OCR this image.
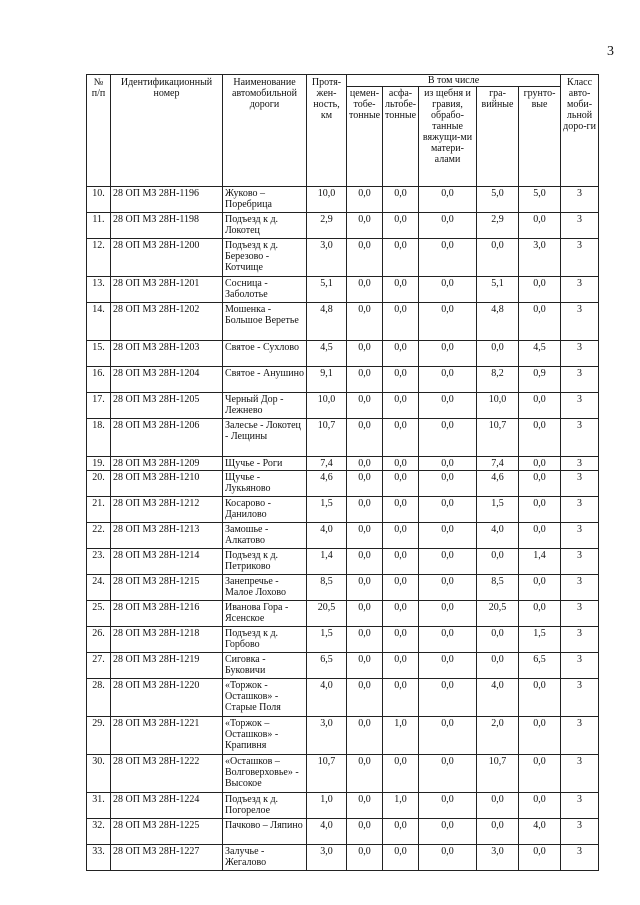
3
№ п/п	Идентификационный номер	Наименование автомобильной дороги	Протя-жен-ность, км	В том числе					Класс авто-моби-льной доро-ги
				цемен-тобе-тонные	асфа-льтобе-тонные	из щебня и гравия, обрабо-танные вяжущи-ми матери-алами	гра-вийные	грунто-вые	
10.	28 ОП МЗ 28Н-1196	Жуково – Поребрица	10,0	0,0	0,0	0,0	5,0	5,0	3
11.	28 ОП МЗ 28Н-1198	Подъезд к д. Локотец	2,9	0,0	0,0	0,0	2,9	0,0	3
12.	28 ОП МЗ 28Н-1200	Подъезд к д. Березово - Котчище	3,0	0,0	0,0	0,0	0,0	3,0	3
13.	28 ОП МЗ 28Н-1201	Сосница - Заболотье	5,1	0,0	0,0	0,0	5,1	0,0	3
14.	28 ОП МЗ 28Н-1202	Мошенка - Большое Веретье	4,8	0,0	0,0	0,0	4,8	0,0	3
15.	28 ОП МЗ 28Н-1203	Святое - Сухлово	4,5	0,0	0,0	0,0	0,0	4,5	3
16.	28 ОП МЗ 28Н-1204	Святое - Анушино	9,1	0,0	0,0	0,0	8,2	0,9	3
17.	28 ОП МЗ 28Н-1205	Черный Дор - Лежнево	10,0	0,0	0,0	0,0	10,0	0,0	3
18.	28 ОП МЗ 28Н-1206	Залесье - Локотец - Лещины	10,7	0,0	0,0	0,0	10,7	0,0	3
19.	28 ОП МЗ 28Н-1209	Щучье - Роги	7,4	0,0	0,0	0,0	7,4	0,0	3
20.	28 ОП МЗ 28Н-1210	Щучье - Лукьяново	4,6	0,0	0,0	0,0	4,6	0,0	3
21.	28 ОП МЗ 28Н-1212	Косарово - Данилово	1,5	0,0	0,0	0,0	1,5	0,0	3
22.	28 ОП МЗ 28Н-1213	Замошье - Алкатово	4,0	0,0	0,0	0,0	4,0	0,0	3
23.	28 ОП МЗ 28Н-1214	Подъезд к д. Петриково	1,4	0,0	0,0	0,0	0,0	1,4	3
24.	28 ОП МЗ 28Н-1215	Занепречье - Малое Лохово	8,5	0,0	0,0	0,0	8,5	0,0	3
25.	28 ОП МЗ 28Н-1216	Иванова Гора - Ясенское	20,5	0,0	0,0	0,0	20,5	0,0	3
26.	28 ОП МЗ 28Н-1218	Подъезд к д. Горбово	1,5	0,0	0,0	0,0	0,0	1,5	3
27.	28 ОП МЗ 28Н-1219	Сиговка - Буковичи	6,5	0,0	0,0	0,0	0,0	6,5	3
28.	28 ОП МЗ 28Н-1220	«Торжок - Осташков» - Старые Поля	4,0	0,0	0,0	0,0	4,0	0,0	3
29.	28 ОП МЗ 28Н-1221	«Торжок – Осташков» - Крапивня	3,0	0,0	1,0	0,0	2,0	0,0	3
30.	28 ОП МЗ 28Н-1222	«Осташков – Волговерховье» - Высокое	10,7	0,0	0,0	0,0	10,7	0,0	3
31.	28 ОП МЗ 28Н-1224	Подъезд к д. Погорелое	1,0	0,0	1,0	0,0	0,0	0,0	3
32.	28 ОП МЗ 28Н-1225	Пачково – Ляпино	4,0	0,0	0,0	0,0	0,0	4,0	3
33.	28 ОП МЗ 28Н-1227	Залучье - Жегалово	3,0	0,0	0,0	0,0	3,0	0,0	3
